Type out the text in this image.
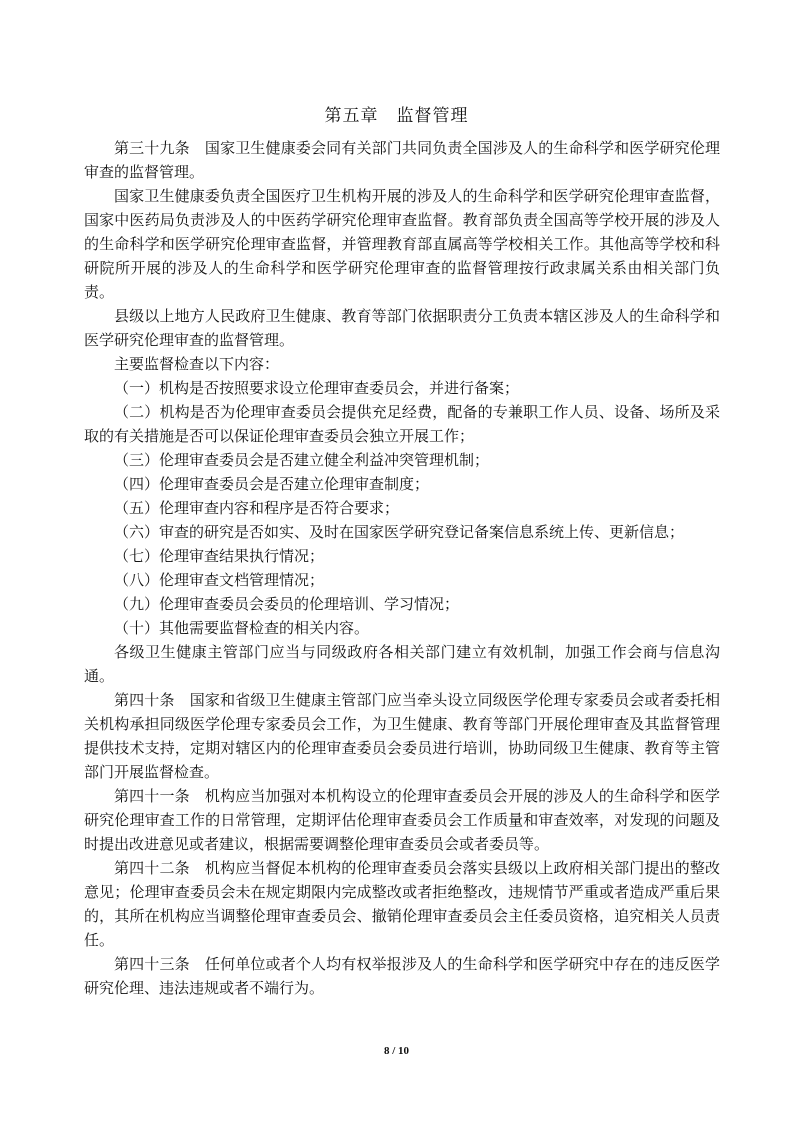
第五章　监督管理

第三十九条　国家卫生健康委会同有关部门共同负责全国涉及人的生命科学和医学研究伦理审查的监督管理。

国家卫生健康委负责全国医疗卫生机构开展的涉及人的生命科学和医学研究伦理审查监督，国家中医药局负责涉及人的中医药学研究伦理审查监督。教育部负责全国高等学校开展的涉及人的生命科学和医学研究伦理审查监督，并管理教育部直属高等学校相关工作。其他高等学校和科研院所开展的涉及人的生命科学和医学研究伦理审查的监督管理按行政隶属关系由相关部门负责。

县级以上地方人民政府卫生健康、教育等部门依据职责分工负责本辖区涉及人的生命科学和医学研究伦理审查的监督管理。

主要监督检查以下内容：

（一）机构是否按照要求设立伦理审查委员会，并进行备案；

（二）机构是否为伦理审查委员会提供充足经费，配备的专兼职工作人员、设备、场所及采取的有关措施是否可以保证伦理审查委员会独立开展工作；

（三）伦理审查委员会是否建立健全利益冲突管理机制；

（四）伦理审查委员会是否建立伦理审查制度；

（五）伦理审查内容和程序是否符合要求；

（六）审查的研究是否如实、及时在国家医学研究登记备案信息系统上传、更新信息；

（七）伦理审查结果执行情况；

（八）伦理审查文档管理情况；

（九）伦理审查委员会委员的伦理培训、学习情况；

（十）其他需要监督检查的相关内容。

各级卫生健康主管部门应当与同级政府各相关部门建立有效机制，加强工作会商与信息沟通。

第四十条　国家和省级卫生健康主管部门应当牵头设立同级医学伦理专家委员会或者委托相关机构承担同级医学伦理专家委员会工作，为卫生健康、教育等部门开展伦理审查及其监督管理提供技术支持，定期对辖区内的伦理审查委员会委员进行培训，协助同级卫生健康、教育等主管部门开展监督检查。

第四十一条　机构应当加强对本机构设立的伦理审查委员会开展的涉及人的生命科学和医学研究伦理审查工作的日常管理，定期评估伦理审查委员会工作质量和审查效率，对发现的问题及时提出改进意见或者建议，根据需要调整伦理审查委员会或者委员等。

第四十二条　机构应当督促本机构的伦理审查委员会落实县级以上政府相关部门提出的整改意见；伦理审查委员会未在规定期限内完成整改或者拒绝整改，违规情节严重或者造成严重后果的，其所在机构应当调整伦理审查委员会、撤销伦理审查委员会主任委员资格，追究相关人员责任。

第四十三条　任何单位或者个人均有权举报涉及人的生命科学和医学研究中存在的违反医学研究伦理、违法违规或者不端行为。

8 / 10
